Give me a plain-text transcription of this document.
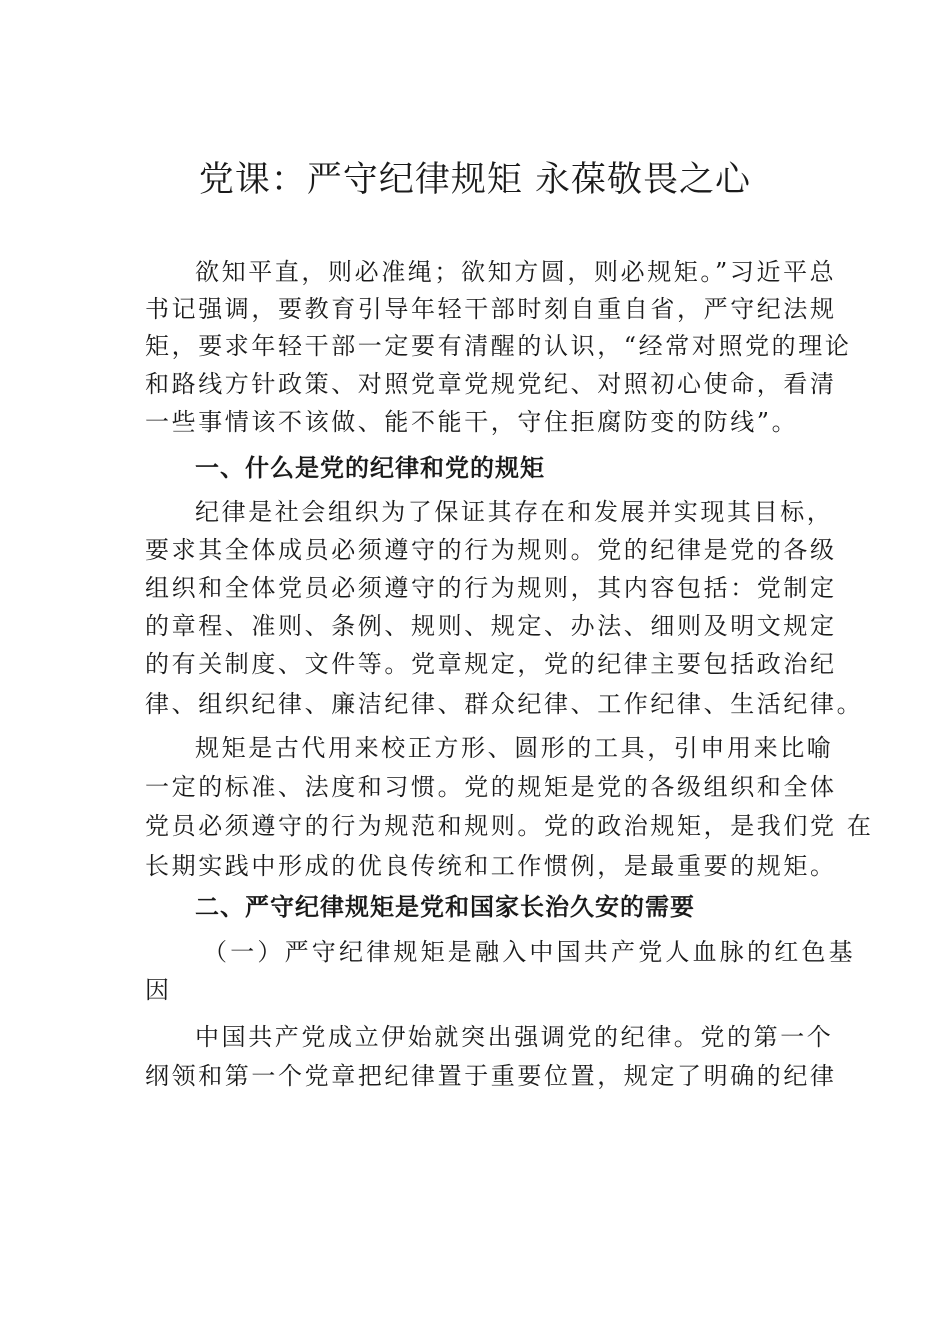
党课：严守纪律规矩 永葆敬畏之心

欲知平直，则必准绳；欲知方圆，则必规矩。”习近平总

书记强调，要教育引导年轻干部时刻自重自省，严守纪法规

矩，要求年轻干部一定要有清醒的认识，“经常对照党的理论

和路线方针政策、对照党章党规党纪、对照初心使命，看清

一些事情该不该做、能不能干，守住拒腐防变的防线”。

一、什么是党的纪律和党的规矩

纪律是社会组织为了保证其存在和发展并实现其目标，

要求其全体成员必须遵守的行为规则。党的纪律是党的各级

组织和全体党员必须遵守的行为规则，其内容包括：党制定

的章程、准则、条例、规则、规定、办法、细则及明文规定

的有关制度、文件等。党章规定，党的纪律主要包括政治纪

律、组织纪律、廉洁纪律、群众纪律、工作纪律、生活纪律。

规矩是古代用来校正方形、圆形的工具，引申用来比喻

一定的标准、法度和习惯。党的规矩是党的各级组织和全体

党员必须遵守的行为规范和规则。党的政治规矩，是我们党 在

长期实践中形成的优良传统和工作惯例，是最重要的规矩。

二、严守纪律规矩是党和国家长治久安的需要

（一）严守纪律规矩是融入中国共产党人血脉的红色基

因

中国共产党成立伊始就突出强调党的纪律。党的第一个

纲领和第一个党章把纪律置于重要位置，规定了明确的纪律
